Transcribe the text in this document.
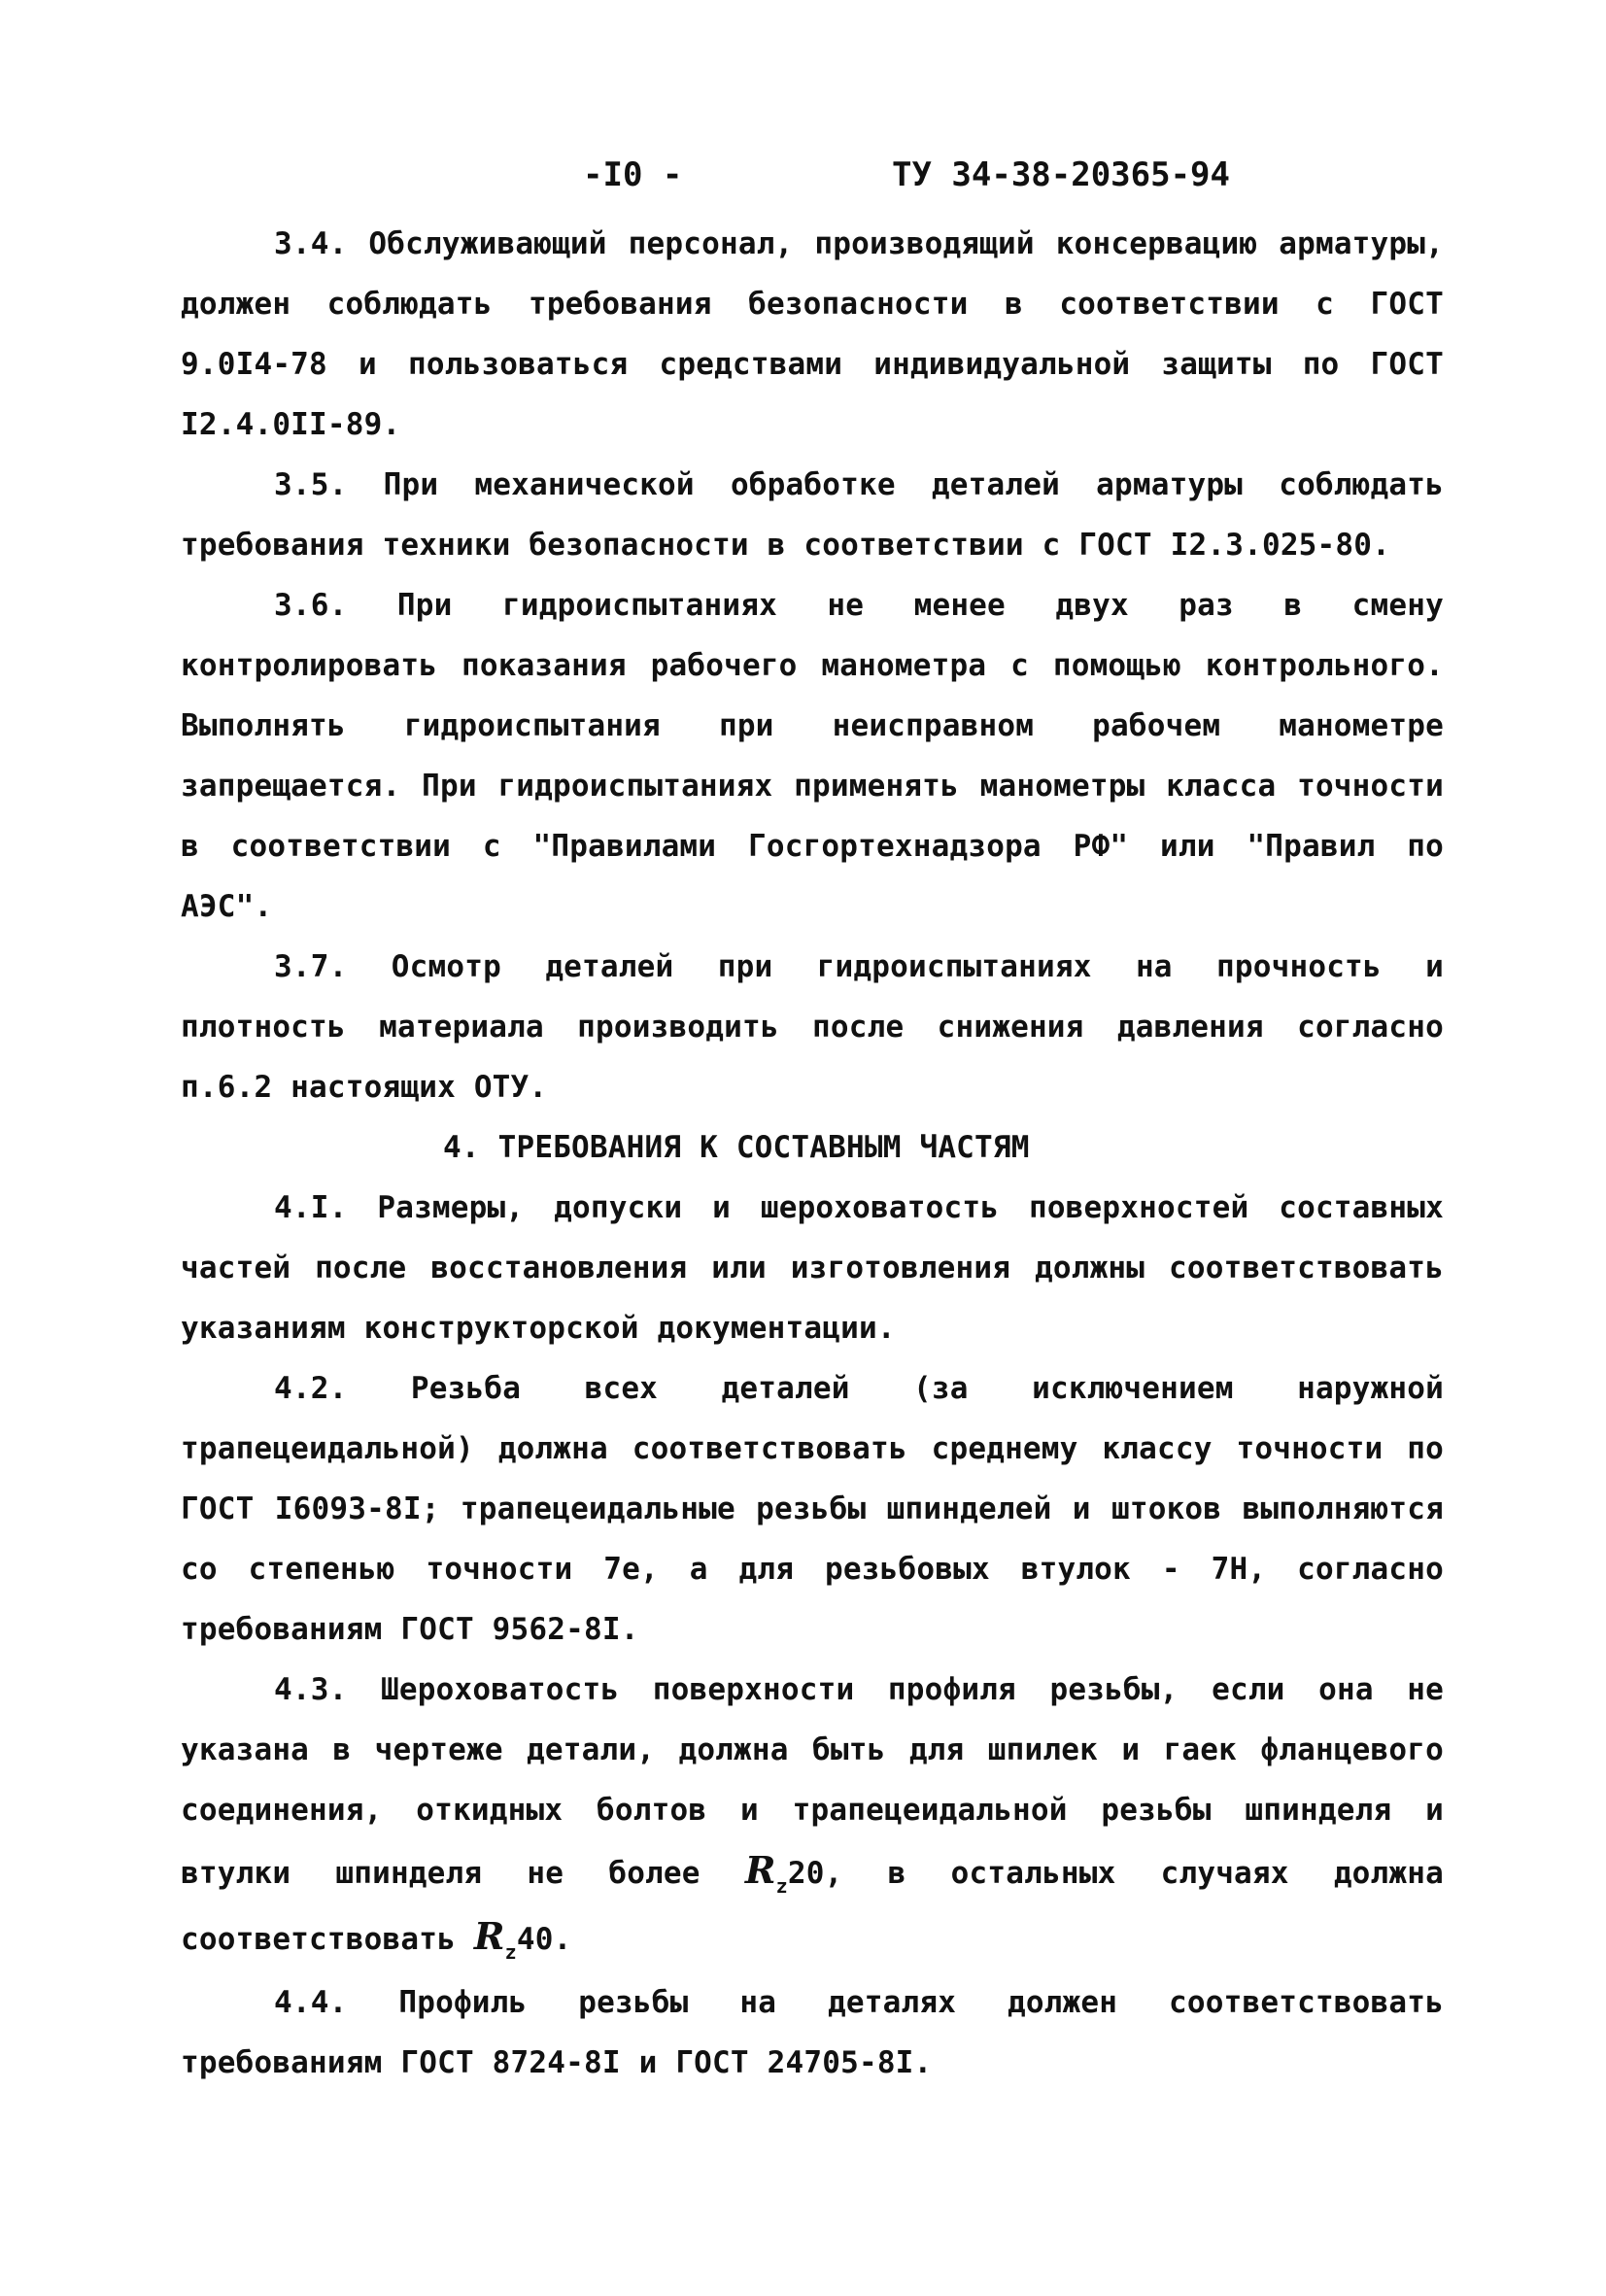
-I0 -	ТУ 34-38-20365-94

3.4. Обслуживающий персонал, производящий консервацию арматуры, должен соблюдать требования безопасности в соответствии с ГОСТ 9.0I4-78 и пользоваться средствами индивидуальной защиты по ГОСТ I2.4.0II-89.

3.5. При механической обработке деталей арматуры соблюдать требования техники безопасности в соответствии с ГОСТ I2.3.025-80.

3.6. При гидроиспытаниях не менее двух раз в смену контролировать показания рабочего манометра с помощью контрольного. Выполнять гидроиспытания при неисправном рабочем манометре запрещается. При гидроиспытаниях применять манометры класса точности в соответствии с "Правилами Госгортехнадзора РФ" или "Правил по АЭС".

3.7. Осмотр деталей при гидроиспытаниях на прочность и плотность материала производить после снижения давления согласно п.6.2 настоящих ОТУ.

4. ТРЕБОВАНИЯ К СОСТАВНЫМ ЧАСТЯМ

4.I. Размеры, допуски и шероховатость поверхностей составных частей после восстановления или изготовления должны соответствовать указаниям конструкторской документации.

4.2. Резьба всех деталей (за исключением наружной трапецеидальной) должна соответствовать среднему классу точности по ГОСТ I6093-8I; трапецеидальные резьбы шпинделей и штоков выполняются со степенью точности 7е, а для резьбовых втулок - 7Н, согласно требованиям ГОСТ 9562-8I.

4.3. Шероховатость поверхности профиля резьбы, если она не указана в чертеже детали, должна быть для шпилек и гаек фланцевого соединения, откидных болтов и трапецеидальной резьбы шпинделя и втулки шпинделя не более $R_z20$, в остальных случаях должна соответствовать $R_z40$.

4.4. Профиль резьбы на деталях должен соответствовать требованиям ГОСТ 8724-8I и ГОСТ 24705-8I.
